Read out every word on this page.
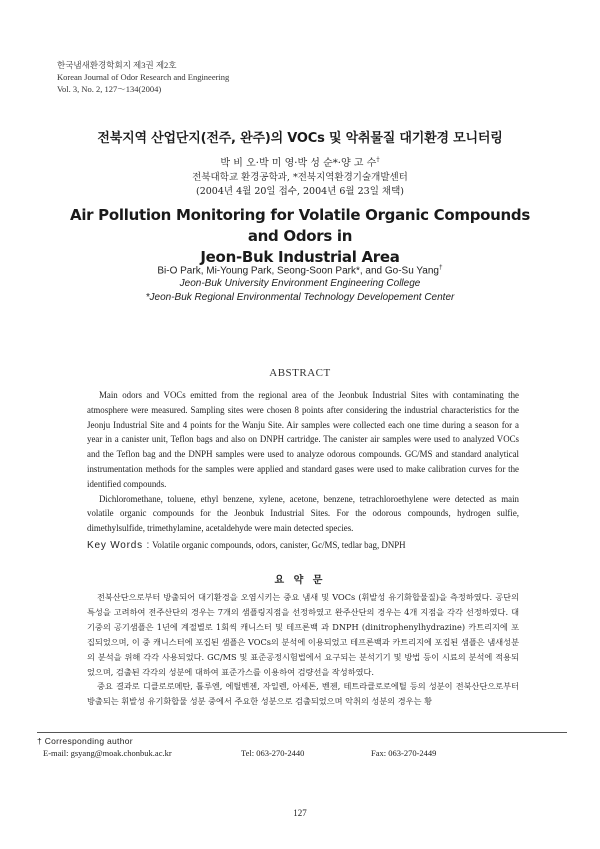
한국냄새환경학회지 제3권 제2호
Korean Journal of Odor Research and Engineering
Vol. 3, No. 2, 127～134(2004)
전북지역 산업단지(전주, 완주)의 VOCs 및 악취물질 대기환경 모니터링
박 비 오·박 미 영·박 성 순*·양 고 수†
전북대학교 환경공학과, *전북지역환경기술개발센터
(2004년 4월 20일 접수, 2004년 6월 23일 채택)
Air Pollution Monitoring for Volatile Organic Compounds and Odors in
Jeon-Buk Industrial Area
Bi-O Park, Mi-Young Park, Seong-Soon Park*, and Go-Su Yang†
Jeon-Buk University Environment Engineering College
*Jeon-Buk Regional Environmental Technology Developement Center
ABSTRACT

Main odors and VOCs emitted from the regional area of the Jeonbuk Industrial Sites with contaminating the atmosphere were measured. Sampling sites were chosen 8 points after considering the industrial characteristics for the Jeonju Industrial Site and 4 points for the Wanju Site. Air samples were collected each one time during a season for a year in a canister unit, Teflon bags and also on DNPH cartridge. The canister air samples were used to analyzed VOCs and the Teflon bag and the DNPH samples were used to analyze odorous compounds. GC/MS and standard analytical instrumentation methods for the samples were applied and standard gases were used to make calibration curves for the identified compounds.

Dichloromethane, toluene, ethyl benzene, xylene, acetone, benzene, tetrachloroethylene were detected as main volatile organic compounds for the Jeonbuk Industrial Sites. For the odorous compounds, hydrogen sulfie, dimethylsulfide, trimethylamine, acetaldehyde were main detected species.

Key Words : Volatile organic compounds, odors, canister, Gc/MS, tedlar bag, DNPH
요 약 문

전북산단으로부터 방출되어 대기환경을 오염시키는 중요 냄새 및 VOCs (휘발성 유기화합물질)을 측정하였다. 공단의 특성을 고려하여 전주산단의 경우는 7개의 샘플링지점을 선정하였고 완주산단의 경우는 4개 지점을 각각 선정하였다. 대기중의 공기샘플은 1년에 계절별로 1회씩 캐니스터 및 테프론백 과 DNPH (dinitrophenylhydrazine) 카트리지에 포집되었으며, 이 중 캐니스터에 포집된 샘플은 VOCs의 분석에 이용되었고 테프론백과 카트리지에 포집된 샘플은 냄새성분의 분석을 위해 각각 사용되었다. GC/MS 및 표준공정시험법에서 요구되는 분석기기 및 방법 등이 시료의 분석에 적용되었으며, 검출된 각각의 성분에 대하여 표준가스를 이용하여 검량선을 작성하였다.

중요 결과로 디클로로메탄, 톨루엔, 에틸벤젠, 자일렌, 아세톤, 벤젠, 테트라클로로에틸 등의 성분이 전북산단으로부터 방출되는 휘발성 유기화합물 성분 중에서 주요한 성분으로 검출되었으며 악취의 성분의 경우는 황

† Corresponding author
E-mail: gsyang@moak.chonbuk.ac.kr	Tel: 063-270-2440	Fax: 063-270-2449
127
